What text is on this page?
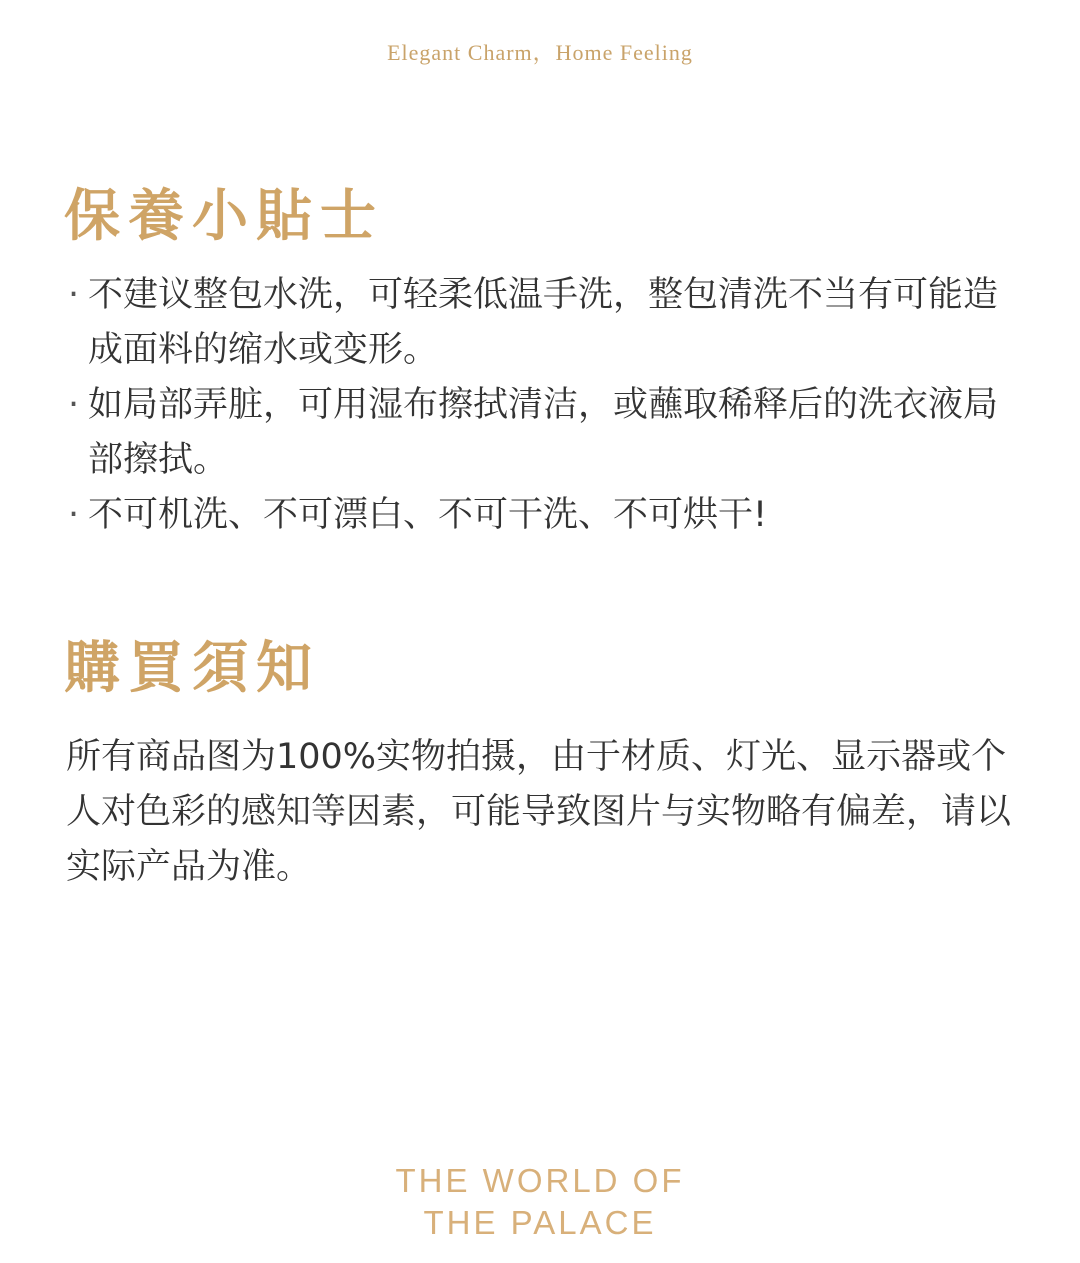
Elegant Charm，Home Feeling
保養小貼士
· 不建议整包水洗，可轻柔低温手洗，整包清洗不当有可能造成面料的缩水或变形。
· 如局部弄脏，可用湿布擦拭清洁，或蘸取稀释后的洗衣液局部擦拭。
· 不可机洗、不可漂白、不可干洗、不可烘干!
購買須知

所有商品图为100%实物拍摄，由于材质、灯光、显示器或个人对色彩的感知等因素，可能导致图片与实物略有偏差，请以实际产品为准。

THE WORLD OF
THE PALACE
